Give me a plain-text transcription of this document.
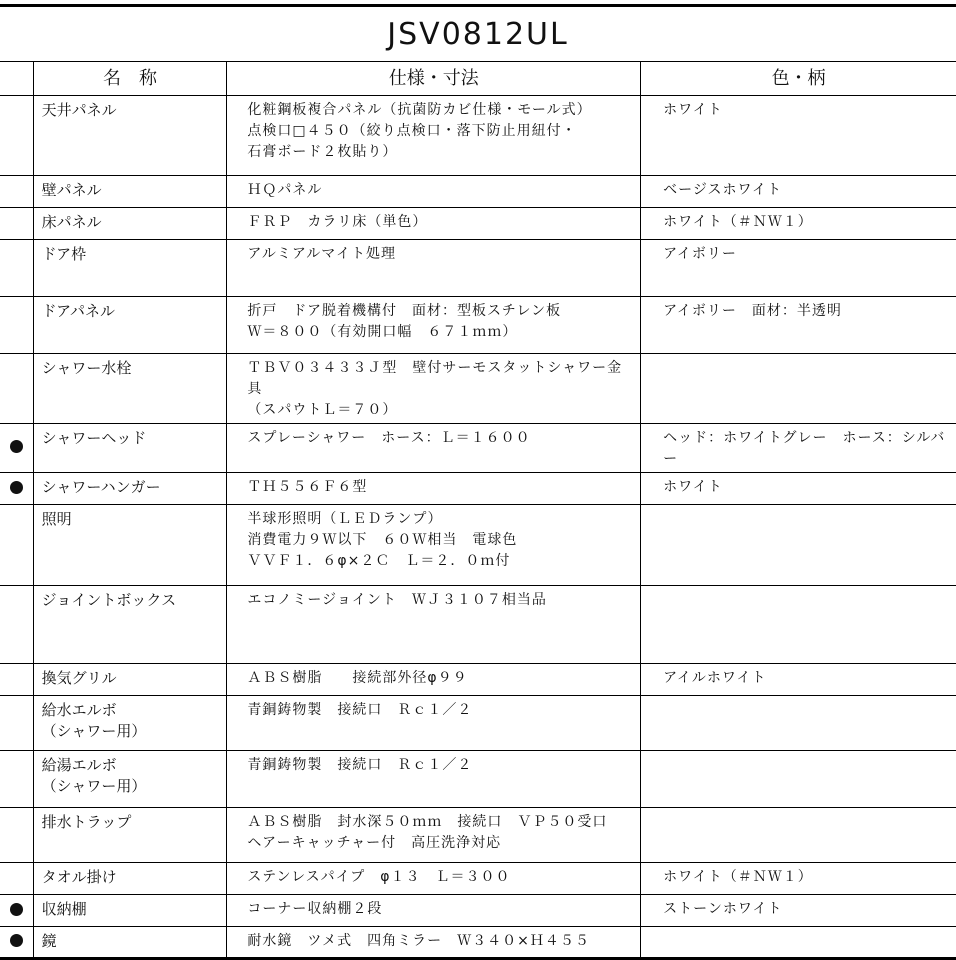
JSV0812UL
	名　称	仕様・寸法	色・柄
	天井パネル	化粧鋼板複合パネル（抗菌防カビ仕様・モール式）
点検口□４５０（絞り点検口・落下防止用紐付・
石膏ボード２枚貼り）	ホワイト
	壁パネル	ＨＱパネル	ベージスホワイト
	床パネル	ＦＲＰ　カラリ床（単色）	ホワイト（＃ＮＷ１）
	ドア枠	アルミアルマイト処理	アイボリー
	ドアパネル	折戸　ドア脱着機構付　面材：型板スチレン板
Ｗ＝８００（有効開口幅　６７１ｍｍ）	アイボリー　面材：半透明
	シャワー水栓	ＴＢＶ０３４３３Ｊ型　壁付サーモスタットシャワー金具
（スパウトＬ＝７０）	
	シャワーヘッド	スプレーシャワー　ホース：Ｌ＝１６００	ヘッド：ホワイトグレー　ホース：シルバー
	シャワーハンガー	ＴＨ５５６Ｆ６型	ホワイト
	照明	半球形照明（ＬＥＤランプ）
消費電力９Ｗ以下　６０Ｗ相当　電球色
ＶＶＦ１．６φ×２Ｃ　Ｌ＝２．０ｍ付	
	ジョイントボックス	エコノミージョイント　ＷＪ３１０７相当品	
	換気グリル	ＡＢＳ樹脂　　接続部外径φ９９	アイルホワイト
	給水エルボ
（シャワー用）	青銅鋳物製　接続口　Ｒｃ１／２	
	給湯エルボ
（シャワー用）	青銅鋳物製　接続口　Ｒｃ１／２	
	排水トラップ	ＡＢＳ樹脂　封水深５０ｍｍ　接続口　ＶＰ５０受口
ヘアーキャッチャー付　高圧洗浄対応	
	タオル掛け	ステンレスパイプ　φ１３　Ｌ＝３００	ホワイト（＃ＮＷ１）
	収納棚	コーナー収納棚２段	ストーンホワイト
	鏡	耐水鏡　ツメ式　四角ミラー　Ｗ３４０×Ｈ４５５	
